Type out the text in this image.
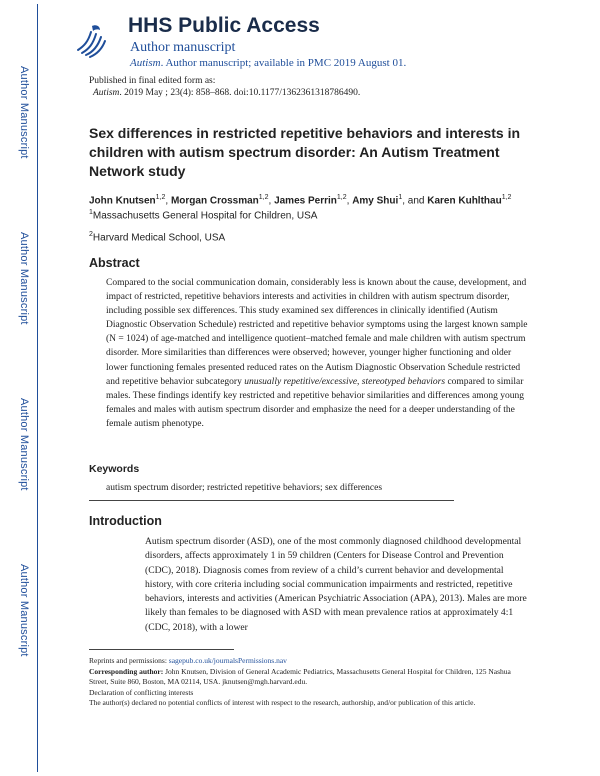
Author Manuscript
Author Manuscript
Author Manuscript
Author Manuscript
HHS Public Access
Author manuscript
Autism. Author manuscript; available in PMC 2019 August 01.
Published in final edited form as:
Autism. 2019 May ; 23(4): 858–868. doi:10.1177/1362361318786490.
Sex differences in restricted repetitive behaviors and interests in children with autism spectrum disorder: An Autism Treatment Network study
John Knutsen$^{1,2}$, Morgan Crossman$^{1,2}$, James Perrin$^{1,2}$, Amy Shui$^1$, and Karen Kuhlthau$^{1,2}$
$^1$Massachusetts General Hospital for Children, USA
$^2$Harvard Medical School, USA
Abstract
Compared to the social communication domain, considerably less is known about the cause, development, and impact of restricted, repetitive behaviors interests and activities in children with autism spectrum disorder, including possible sex differences. This study examined sex differences in clinically identified (Autism Diagnostic Observation Schedule) restricted and repetitive behavior symptoms using the largest known sample (N = 1024) of age-matched and intelligence quotient–matched female and male children with autism spectrum disorder. More similarities than differences were observed; however, younger higher functioning and older lower functioning females presented reduced rates on the Autism Diagnostic Observation Schedule restricted and repetitive behavior subcategory unusually repetitive/excessive, stereotyped behaviors compared to similar males. These findings identify key restricted and repetitive behavior similarities and differences among young females and males with autism spectrum disorder and emphasize the need for a deeper understanding of the female autism phenotype.
Keywords
autism spectrum disorder; restricted repetitive behaviors; sex differences
Introduction
Autism spectrum disorder (ASD), one of the most commonly diagnosed childhood developmental disorders, affects approximately 1 in 59 children (Centers for Disease Control and Prevention (CDC), 2018). Diagnosis comes from review of a child’s current behavior and developmental history, with core criteria including social communication impairments and restricted, repetitive behaviors, interests and activities (American Psychiatric Association (APA), 2013). Males are more likely than females to be diagnosed with ASD with mean prevalence ratios at approximately 4:1 (CDC, 2018), with a lower
Reprints and permissions: sagepub.co.uk/journalsPermissions.nav
Corresponding author: John Knutsen, Division of General Academic Pediatrics, Massachusetts General Hospital for Children, 125 Nashua Street, Suite 860, Boston, MA 02114, USA. jknutsen@mgh.harvard.edu.
Declaration of conflicting interests
The author(s) declared no potential conflicts of interest with respect to the research, authorship, and/or publication of this article.
